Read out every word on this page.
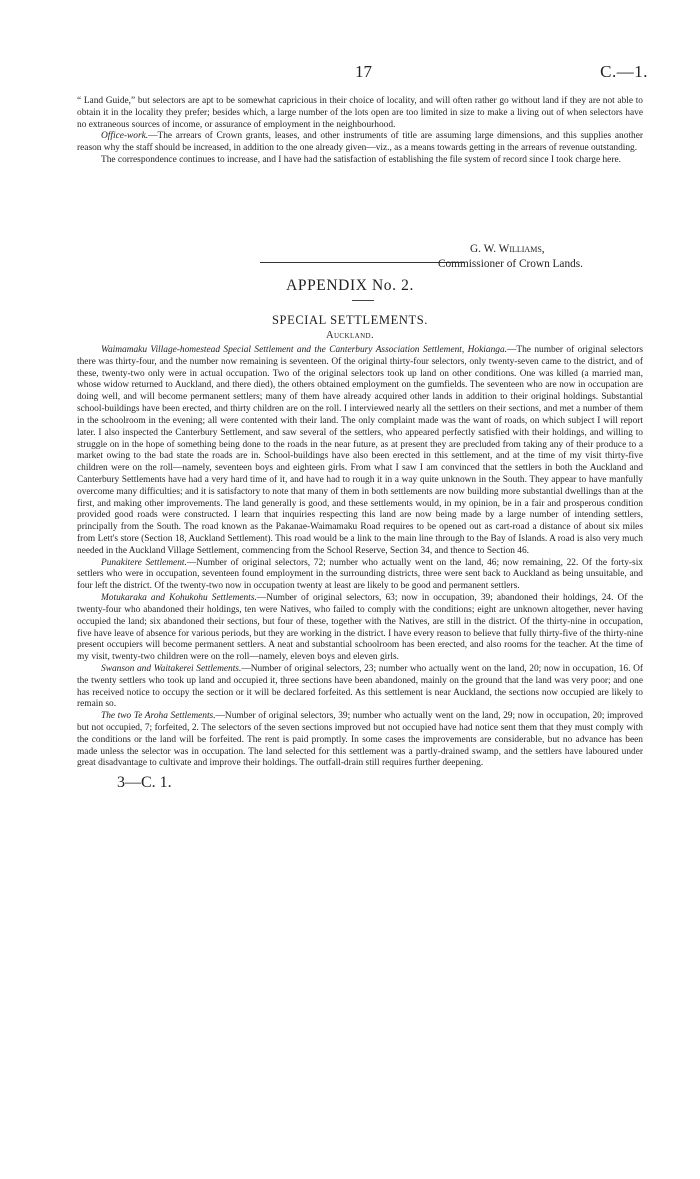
17	C.—1.

“ Land Guide,” but selectors are apt to be somewhat capricious in their choice of locality, and will often rather go without land if they are not able to obtain it in the locality they prefer; besides which, a large number of the lots open are too limited in size to make a living out of when selectors have no extraneous sources of income, or assurance of employment in the neighbourhood.

Office-work.—The arrears of Crown grants, leases, and other instruments of title are assuming large dimensions, and this supplies another reason why the staff should be increased, in addition to the one already given—viz., as a means towards getting in the arrears of revenue outstanding.

The correspondence continues to increase, and I have had the satisfaction of establishing the file system of record since I took charge here.

G. W. Williams,
Commissioner of Crown Lands.
APPENDIX No. 2.
SPECIAL SETTLEMENTS.
Auckland.

Waimamaku Village-homestead Special Settlement and the Canterbury Association Settlement, Hokianga.—The number of original selectors there was thirty-four, and the number now remaining is seventeen. Of the original thirty-four selectors, only twenty-seven came to the district, and of these, twenty-two only were in actual occupation. Two of the original selectors took up land on other conditions. One was killed (a married man, whose widow returned to Auckland, and there died), the others obtained employment on the gumfields. The seventeen who are now in occupation are doing well, and will become permanent settlers; many of them have already acquired other lands in addition to their original holdings. Substantial school-buildings have been erected, and thirty children are on the roll. I interviewed nearly all the settlers on their sections, and met a number of them in the schoolroom in the evening; all were contented with their land. The only complaint made was the want of roads, on which subject I will report later. I also inspected the Canterbury Settlement, and saw several of the settlers, who appeared perfectly satisfied with their holdings, and willing to struggle on in the hope of something being done to the roads in the near future, as at present they are precluded from taking any of their produce to a market owing to the bad state the roads are in. School-buildings have also been erected in this settlement, and at the time of my visit thirty-five children were on the roll—namely, seventeen boys and eighteen girls. From what I saw I am convinced that the settlers in both the Auckland and Canterbury Settlements have had a very hard time of it, and have had to rough it in a way quite unknown in the South. They appear to have manfully overcome many difficulties; and it is satisfactory to note that many of them in both settlements are now building more substantial dwellings than at the first, and making other improvements. The land generally is good, and these settlements would, in my opinion, be in a fair and prosperous condition provided good roads were constructed. I learn that inquiries respecting this land are now being made by a large number of intending settlers, principally from the South. The road known as the Pakanae-Waimamaku Road requires to be opened out as cart-road a distance of about six miles from Lett's store (Section 18, Auckland Settlement). This road would be a link to the main line through to the Bay of Islands. A road is also very much needed in the Auckland Village Settlement, commencing from the School Reserve, Section 34, and thence to Section 46.

Punakitere Settlement.—Number of original selectors, 72; number who actually went on the land, 46; now remaining, 22. Of the forty-six settlers who were in occupation, seventeen found employment in the surrounding districts, three were sent back to Auckland as being unsuitable, and four left the district. Of the twenty-two now in occupation twenty at least are likely to be good and permanent settlers.

Motukaraka and Kohukohu Settlements.—Number of original selectors, 63; now in occupation, 39; abandoned their holdings, 24. Of the twenty-four who abandoned their holdings, ten were Natives, who failed to comply with the conditions; eight are unknown altogether, never having occupied the land; six abandoned their sections, but four of these, together with the Natives, are still in the district. Of the thirty-nine in occupation, five have leave of absence for various periods, but they are working in the district. I have every reason to believe that fully thirty-five of the thirty-nine present occupiers will become permanent settlers. A neat and substantial schoolroom has been erected, and also rooms for the teacher. At the time of my visit, twenty-two children were on the roll—namely, eleven boys and eleven girls.

Swanson and Waitakerei Settlements.—Number of original selectors, 23; number who actually went on the land, 20; now in occupation, 16. Of the twenty settlers who took up land and occupied it, three sections have been abandoned, mainly on the ground that the land was very poor; and one has received notice to occupy the section or it will be declared forfeited. As this settlement is near Auckland, the sections now occupied are likely to remain so.

The two Te Aroha Settlements.—Number of original selectors, 39; number who actually went on the land, 29; now in occupation, 20; improved but not occupied, 7; forfeited, 2. The selectors of the seven sections improved but not occupied have had notice sent them that they must comply with the conditions or the land will be forfeited. The rent is paid promptly. In some cases the improvements are considerable, but no advance has been made unless the selector was in occupation. The land selected for this settlement was a partly-drained swamp, and the settlers have laboured under great disadvantage to cultivate and improve their holdings. The outfall-drain still requires further deepening.

3—C. 1.
